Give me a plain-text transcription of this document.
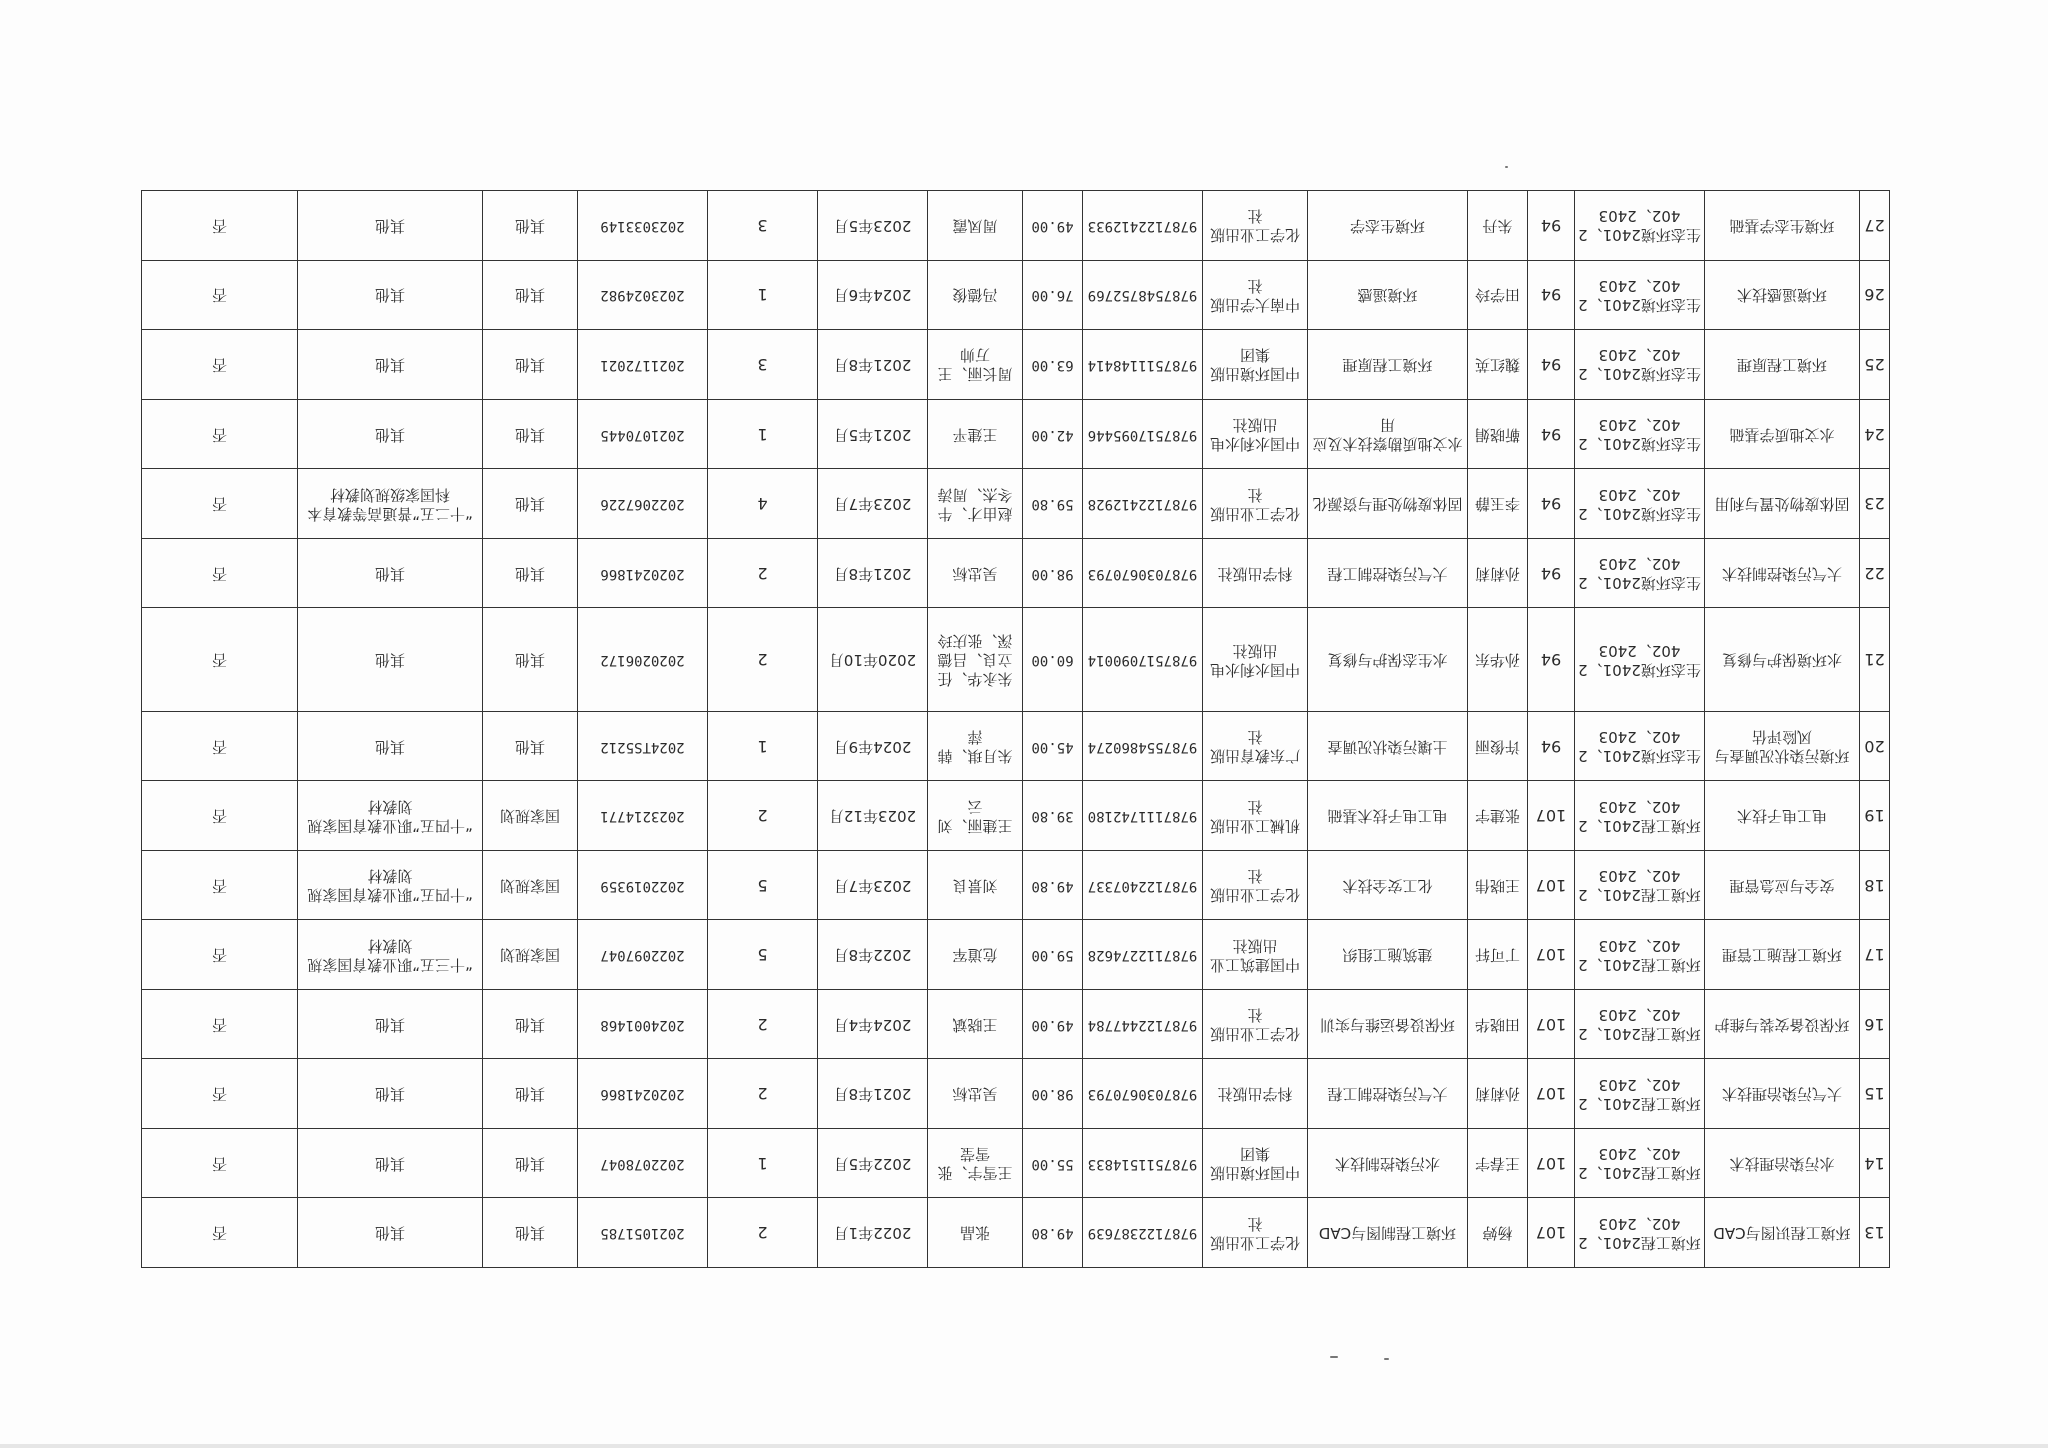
13	环境工程识图与CAD	环境工程2401、2402、2403	107	杨婷	环境工程制图与CAD	化学工业出版社	9787122387639	49.80	张晶	2022年1月	2	2021051785	其他	其他	否
14	水污染治理技术	环境工程2401、2402、2403	107	王春宇	水污染控制技术	中国环境出版集团	9787511514833	55.00	王雪宇、张雪莹	2022年5月	1	2022078047	其他	其他	否
15	大气污染治理技术	环境工程2401、2402、2403	107	孙莉莉	大气污染控制工程	科学出版社	9787030670793	98.00	吴忠标	2021年8月	2	2020241866	其他	其他	否
16	环保设备安装与维护	环境工程2401、2402、2403	107	田晓华	环保设备运维与实训	化学工业出版社	9787122447784	49.00	王晓斌	2024年4月	2	2024001468	其他	其他	否
17	环境工程施工管理	环境工程2401、2402、2403	107	丁可轩	建筑施工组织	中国建筑工业出版社	9787112274628	59.00	危道军	2022年8月	5	2022097047	国家规划	“十三五”职业教育国家规划教材	否
18	安全与应急管理	环境工程2401、2402、2403	107	王晓伟	化工安全技术	化学工业出版社	9787122407337	49.80	刘景良	2023年7月	5	2022019359	国家规划	“十四五”职业教育国家规划教材	否
19	电工电子技术	环境工程2401、2402、2403	107	张建宇	电工电子技术基础	机械工业出版社	9787111742180	39.80	王建丽、刘云	2023年12月	2	2023214771	国家规划	“十四五”职业教育国家规划教材	否
20	环境污染状况调查与风险评估	生态环境2401、2402、2403	94	许俊丽	土壤污染状况调查	广东教育出版社	9787554860274	45.00	朱月琪、韩萍	2024年9月	1	2024TS5212	其他	其他	否
21	水环境保护与修复	生态环境2401、2402、2403	94	孙华东	水生态保护与修复	中国水利水电出版社	9787517090014	60.00	朱永华、任立良、吕德深、张庆玲	2020年10月	2	2020206172	其他	其他	否
22	大气污染控制技术	生态环境2401、2402、2403	94	孙莉莉	大气污染控制工程	科学出版社	9787030670793	98.00	吴忠标	2021年8月	2	2020241866	其他	其他	否
23	固体废物处置与利用	生态环境2401、2402、2403	94	李玉静	固体废物处理与资源化	化学工业出版社	9787122412928	59.80	赵由才、牛冬杰、周涛	2023年7月	4	2022067226	其他	“十二五”普通高等教育本科国家级规划教材	否
24	水文地质学基础	生态环境2401、2402、2403	94	靳晓娟	水文地质勘察技术及应用	中国水利水电出版社	9787517095446	42.00	王建平	2021年5月	1	2021070445	其他	其他	否
25	环境工程原理	生态环境2401、2402、2403	94	魏红英	环境工程原理	中国环境出版集团	9787511148414	63.00	周长丽、王万帅	2021年8月	3	2021172021	其他	其他	否
26	环境遥感技术	生态环境2401、2402、2403	94	田学玲	环境遥感	中南大学出版社	9787548752769	76.00	冯德俊	2024年6月	1	2023024982	其他	其他	否
27	环境生态学基础	生态环境2401、2402、2403	94	朱丹	环境生态学	化学工业出版社	9787122412933	49.00	周凤霞	2023年5月	3	2023033149	其他	其他	否
